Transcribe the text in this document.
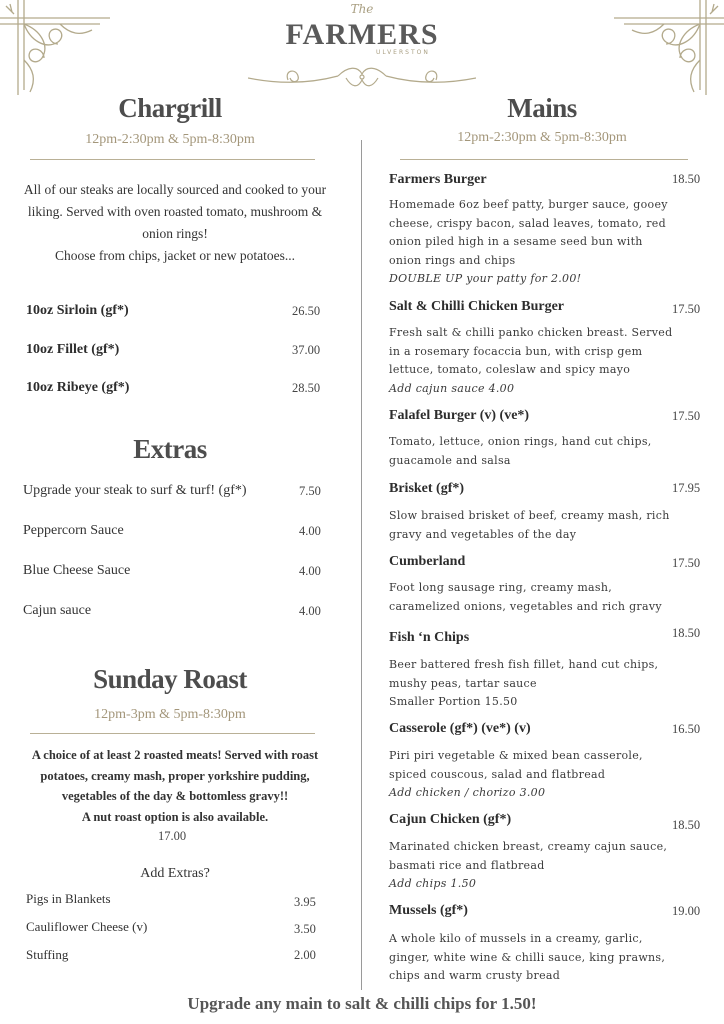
The
FARMERS
ULVERSTON
Chargrill
12pm-2:30pm & 5pm-8:30pm
All of our steaks are locally sourced and cooked to your
liking. Served with oven roasted tomato, mushroom &
onion rings!
Choose from chips, jacket or new potatoes...
10oz Sirloin (gf*)	26.50
10oz Fillet (gf*)	37.00
10oz Ribeye (gf*)	28.50
Extras
Upgrade your steak to surf & turf! (gf*)	7.50
Peppercorn Sauce	4.00
Blue Cheese Sauce	4.00
Cajun sauce	4.00
Sunday Roast
12pm-3pm & 5pm-8:30pm
A choice of at least 2 roasted meats! Served with roast
potatoes, creamy mash, proper yorkshire pudding,
vegetables of the day & bottomless gravy!!
A nut roast option is also available.
17.00
Add Extras?
Pigs in Blankets	3.95
Cauliflower Cheese (v)	3.50
Stuffing	2.00
Mains
12pm-2:30pm & 5pm-8:30pm
Farmers Burger	18.50
Homemade 6oz beef patty, burger sauce, gooey
cheese, crispy bacon, salad leaves, tomato, red
onion piled high in a sesame seed bun with
onion rings and chips
DOUBLE UP your patty for 2.00!
Salt & Chilli Chicken Burger	17.50
Fresh salt & chilli panko chicken breast. Served
in a rosemary focaccia bun, with crisp gem
lettuce, tomato, coleslaw and spicy mayo
Add cajun sauce 4.00
Falafel Burger (v) (ve*)	17.50
Tomato, lettuce, onion rings, hand cut chips,
guacamole and salsa
Brisket (gf*)	17.95
Slow braised brisket of beef, creamy mash, rich
gravy and vegetables of the day
Cumberland	17.50
Foot long sausage ring, creamy mash,
caramelized onions, vegetables and rich gravy
Fish ‘n Chips	18.50
Beer battered fresh fish fillet, hand cut chips,
mushy peas, tartar sauce
Smaller Portion 15.50
Casserole (gf*) (ve*) (v)	16.50
Piri piri vegetable & mixed bean casserole,
spiced couscous, salad and flatbread
Add chicken / chorizo 3.00
Cajun Chicken (gf*)	18.50
Marinated chicken breast, creamy cajun sauce,
basmati rice and flatbread
Add chips 1.50
Mussels (gf*)	19.00
A whole kilo of mussels in a creamy, garlic,
ginger, white wine & chilli sauce, king prawns,
chips and warm crusty bread
Upgrade any main to salt & chilli chips for 1.50!
